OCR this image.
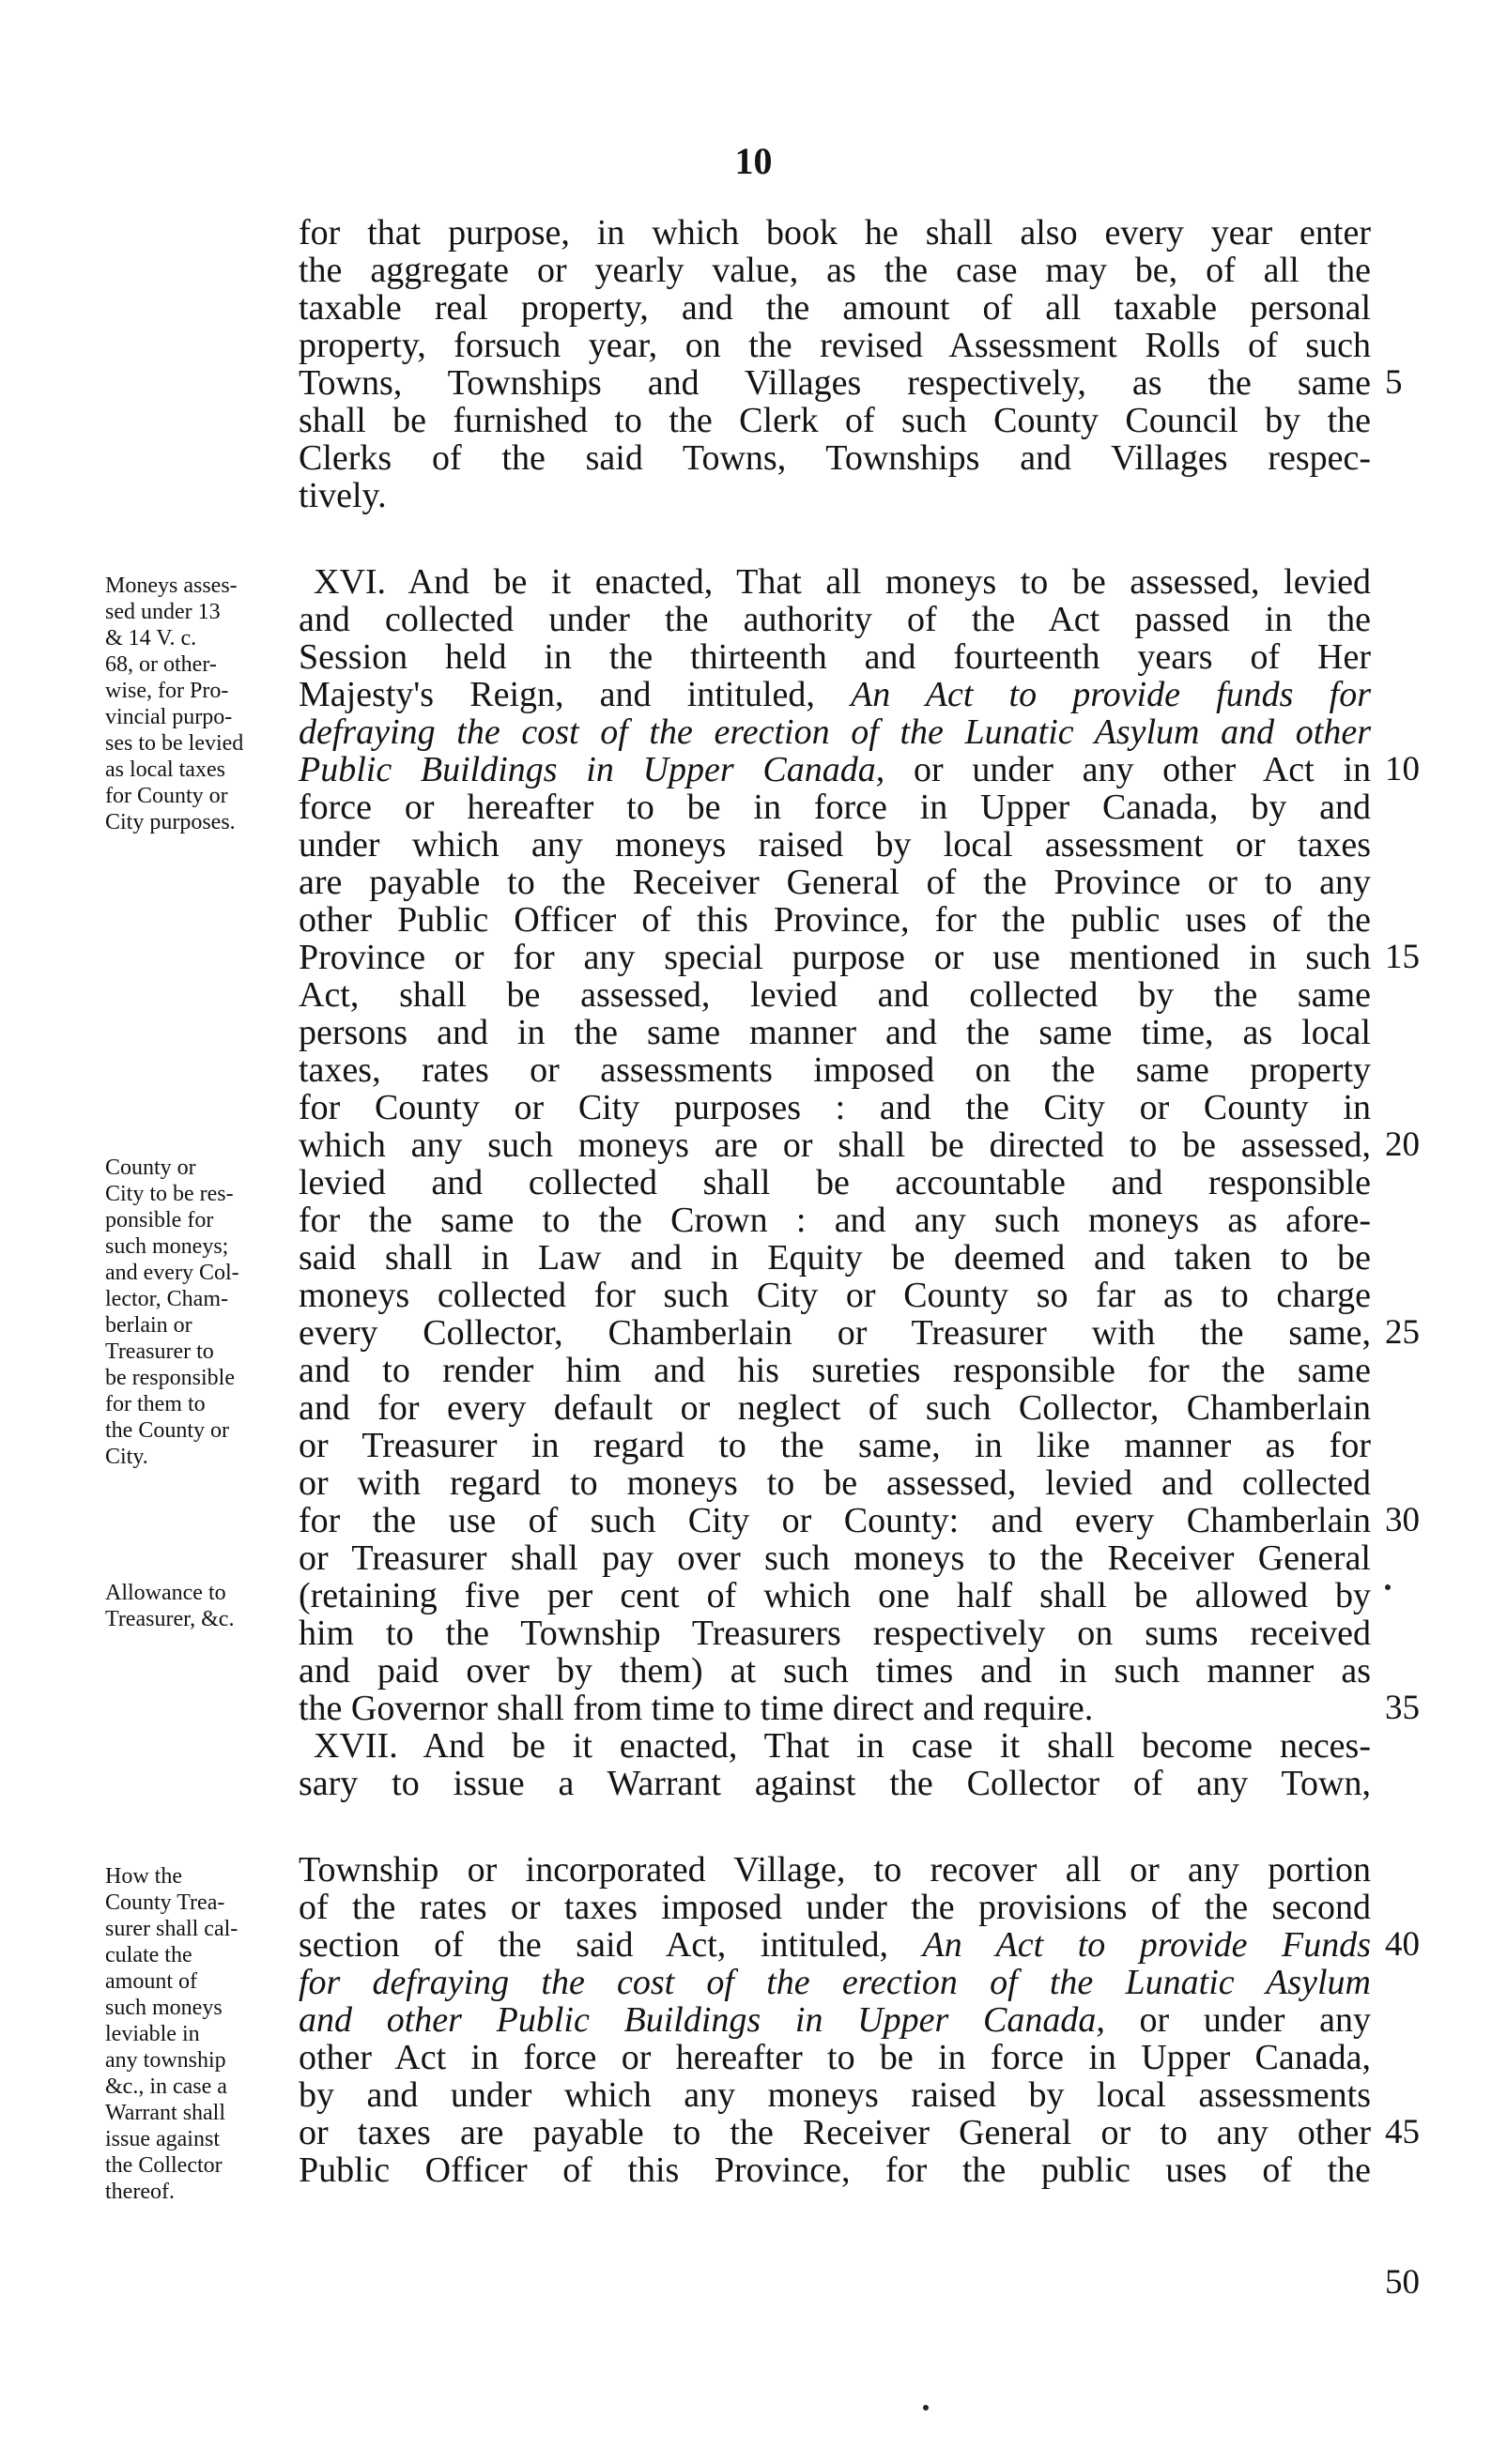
10
for that purpose, in which book he shall also every year enter
the aggregate or yearly value, as the case may be, of all the
taxable real property, and the amount of all taxable personal
property, forsuch year, on the revised Assessment Rolls of such
Towns, Townships and Villages respectively, as the same
shall be furnished to the Clerk of such County Council by the
Clerks of the said Towns, Townships and Villages respec-
tively.
XVI. And be it enacted, That all moneys to be assessed, levied
and collected under the authority of the Act passed in the
Session held in the thirteenth and fourteenth years of Her
Majesty's Reign, and intituled, An Act to provide funds for
defraying the cost of the erection of the Lunatic Asylum and other
Public Buildings in Upper Canada, or under any other Act in
force or hereafter to be in force in Upper Canada, by and
under which any moneys raised by local assessment or taxes
are payable to the Receiver General of the Province or to any
other Public Officer of this Province, for the public uses of the
Province or for any special purpose or use mentioned in such
Act, shall be assessed, levied and collected by the same
persons and in the same manner and the same time, as local
taxes, rates or assessments imposed on the same property
for County or City purposes : and the City or County in
which any such moneys are or shall be directed to be assessed,
levied and collected shall be accountable and responsible
for the same to the Crown : and any such moneys as afore-
said shall in Law and in Equity be deemed and taken to be
moneys collected for such City or County so far as to charge
every Collector, Chamberlain or Treasurer with the same,
and to render him and his sureties responsible for the same
and for every default or neglect of such Collector, Chamberlain
or Treasurer in regard to the same, in like manner as for
or with regard to moneys to be assessed, levied and collected
for the use of such City or County: and every Chamberlain
or Treasurer shall pay over such moneys to the Receiver General
(retaining five per cent of which one half shall be allowed by
him to the Township Treasurers respectively on sums received
and paid over by them) at such times and in such manner as
the Governor shall from time to time direct and require.
XVII. And be it enacted, That in case it shall become neces-
sary to issue a Warrant against the Collector of any Town,
Township or incorporated Village, to recover all or any portion
of the rates or taxes imposed under the provisions of the second
section of the said Act, intituled, An Act to provide Funds
for defraying the cost of the erection of the Lunatic Asylum
and other Public Buildings in Upper Canada, or under any
other Act in force or hereafter to be in force in Upper Canada,
by and under which any moneys raised by local assessments
or taxes are payable to the Receiver General or to any other
Public Officer of this Province, for the public uses of the
5
10
15
20
25
30
35
40
45
50
Moneys asses-
sed under 13
& 14 V. c.
68, or other-
wise, for Pro-
vincial purpo-
ses to be levied
as local taxes
for County or
City purposes.
County or
City to be res-
ponsible for
such moneys;
and every Col-
lector, Cham-
berlain or
Treasurer to
be responsible
for them to
the County or
City.
Allowance to
Treasurer, &c.
How the
County Trea-
surer shall cal-
culate the
amount of
such moneys
leviable in
any township
&c., in case a
Warrant shall
issue against
the Collector
thereof.
